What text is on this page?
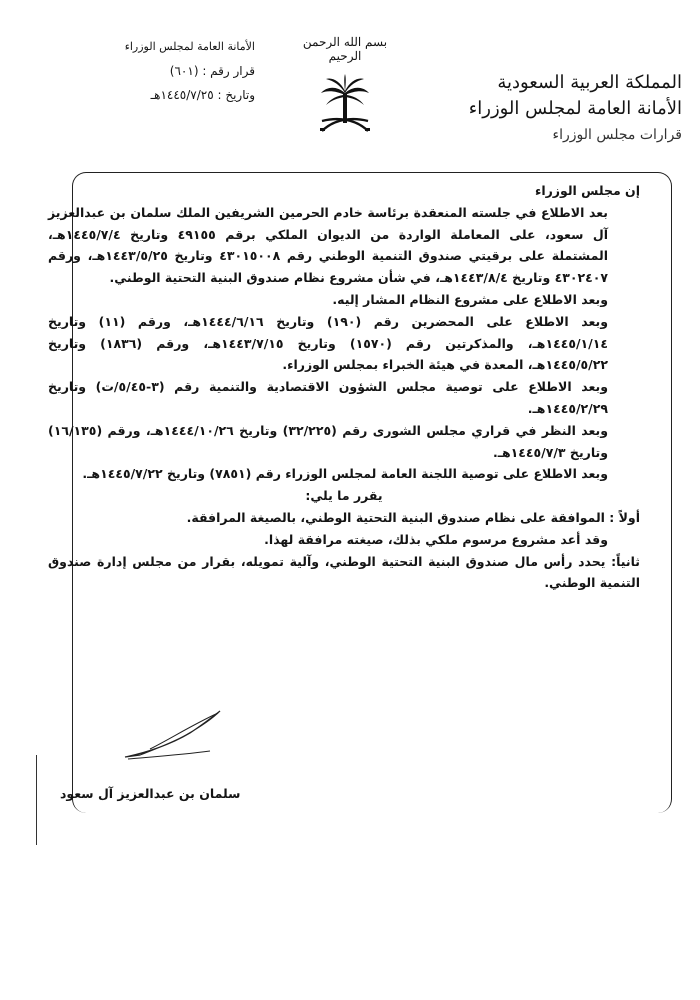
المملكة العربية السعودية
الأمانة العامة لمجلس الوزراء
قرارات مجلس الوزراء
بسم الله الرحمن الرحيم
الأمانة العامة لمجلس الوزراء
قرار رقم : (٦٠١)
وتاريخ : ١٤٤٥/٧/٢٥هـ

إن مجلس الوزراء

بعد الاطلاع في جلسته المنعقدة برئاسة خادم الحرمين الشريفين الملك سلمان بن عبدالعزيز آل سعود، على المعاملة الواردة من الديوان الملكي برقم ٤٩١٥٥ وتاريخ ١٤٤٥/٧/٤هـ، المشتملة على برقيتي صندوق التنمية الوطني رقم ٤٣٠١٥٠٠٨ وتاريخ ١٤٤٣/٥/٢٥هـ، ورقم ٤٣٠٢٤٠٧ وتاريخ ١٤٤٣/٨/٤هـ، في شأن مشروع نظام صندوق البنية التحتية الوطني.

وبعد الاطلاع على مشروع النظام المشار إليه.

وبعد الاطلاع على المحضرين رقم (١٩٠) وتاريخ ١٤٤٤/٦/١٦هـ، ورقم (١١) وتاريخ ١٤٤٥/١/١٤هـ، والمذكرتين رقم (١٥٧٠) وتاريخ ١٤٤٣/٧/١٥هـ، ورقم (١٨٣٦) وتاريخ ١٤٤٥/٥/٢٢هـ، المعدة في هيئة الخبراء بمجلس الوزراء.

وبعد الاطلاع على توصية مجلس الشؤون الاقتصادية والتنمية رقم (٣-٥/٤٥/ت) وتاريخ ١٤٤٥/٢/٢٩هـ.

وبعد النظر في قراري مجلس الشورى رقم (٣٢/٢٢٥) وتاريخ ١٤٤٤/١٠/٢٦هـ، ورقم (١٦/١٣٥) وتاريخ ١٤٤٥/٧/٣هـ.

وبعد الاطلاع على توصية اللجنة العامة لمجلس الوزراء رقم (٧٨٥١) وتاريخ ١٤٤٥/٧/٢٢هـ.

يقرر ما يلي:

أولاً : الموافقة على نظام صندوق البنية التحتية الوطني، بالصيغة المرافقة.

وقد أعد مشروع مرسوم ملكي بذلك، صيغته مرافقة لهذا.

ثانياً: يحدد رأس مال صندوق البنية التحتية الوطني، وآلية تمويله، بقرار من مجلس إدارة صندوق التنمية الوطني.

سلمان بن عبدالعزيز آل سعود
